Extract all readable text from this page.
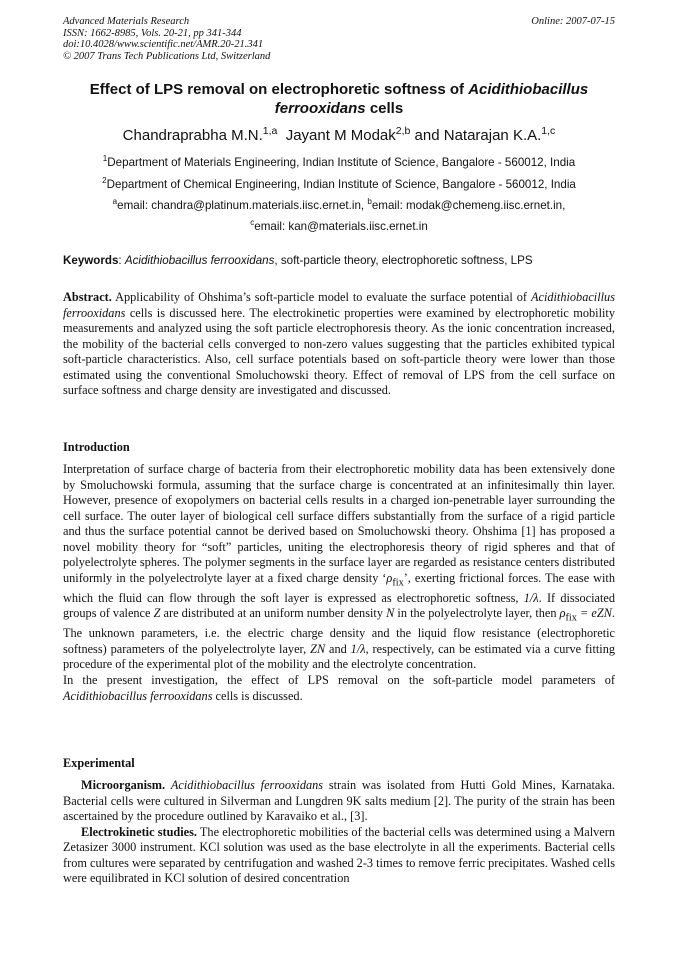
Advanced Materials Research
ISSN: 1662-8985, Vols. 20-21, pp 341-344
doi:10.4028/www.scientific.net/AMR.20-21.341
© 2007 Trans Tech Publications Ltd, Switzerland
Online: 2007-07-15
Effect of LPS removal on electrophoretic softness of Acidithiobacillus ferrooxidans cells
Chandraprabha M.N.$^{1,a}$ Jayant M Modak$^{2,b}$ and Natarajan K.A.$^{1,c}$
$^1$Department of Materials Engineering, Indian Institute of Science, Bangalore - 560012, India
$^2$Department of Chemical Engineering, Indian Institute of Science, Bangalore - 560012, India
$^a$email: chandra@platinum.materials.iisc.ernet.in, $^b$email: modak@chemeng.iisc.ernet.in,
$^c$email: kan@materials.iisc.ernet.in
Keywords: Acidithiobacillus ferrooxidans, soft-particle theory, electrophoretic softness, LPS
Abstract. Applicability of Ohshima’s soft-particle model to evaluate the surface potential of Acidithiobacillus ferrooxidans cells is discussed here. The electrokinetic properties were examined by electrophoretic mobility measurements and analyzed using the soft particle electrophoresis theory. As the ionic concentration increased, the mobility of the bacterial cells converged to non-zero values suggesting that the particles exhibited typical soft-particle characteristics. Also, cell surface potentials based on soft-particle theory were lower than those estimated using the conventional Smoluchowski theory. Effect of removal of LPS from the cell surface on surface softness and charge density are investigated and discussed.
Introduction
Interpretation of surface charge of bacteria from their electrophoretic mobility data has been extensively done by Smoluchowski formula, assuming that the surface charge is concentrated at an infinitesimally thin layer. However, presence of exopolymers on bacterial cells results in a charged ion-penetrable layer surrounding the cell surface. The outer layer of biological cell surface differs substantially from the surface of a rigid particle and thus the surface potential cannot be derived based on Smoluchowski theory. Ohshima [1] has proposed a novel mobility theory for “soft” particles, uniting the electrophoresis theory of rigid spheres and that of polyelectrolyte spheres. The polymer segments in the surface layer are regarded as resistance centers distributed uniformly in the polyelectrolyte layer at a fixed charge density ‘$\rho_{fix}$’, exerting frictional forces. The ease with which the fluid can flow through the soft layer is expressed as electrophoretic softness, 1/λ. If dissociated groups of valence Z are distributed at an uniform number density N in the polyelectrolyte layer, then $\rho_{fix}$ = eZN. The unknown parameters, i.e. the electric charge density and the liquid flow resistance (electrophoretic softness) parameters of the polyelectrolyte layer, ZN and 1/λ, respectively, can be estimated via a curve fitting procedure of the experimental plot of the mobility and the electrolyte concentration.
In the present investigation, the effect of LPS removal on the soft-particle model parameters of Acidithiobacillus ferrooxidans cells is discussed.
Experimental
Microorganism. Acidithiobacillus ferrooxidans strain was isolated from Hutti Gold Mines, Karnataka. Bacterial cells were cultured in Silverman and Lungdren 9K salts medium [2]. The purity of the strain has been ascertained by the procedure outlined by Karavaiko et al., [3].
Electrokinetic studies. The electrophoretic mobilities of the bacterial cells was determined using a Malvern Zetasizer 3000 instrument. KCl solution was used as the base electrolyte in all the experiments. Bacterial cells from cultures were separated by centrifugation and washed 2-3 times to remove ferric precipitates. Washed cells were equilibrated in KCl solution of desired concentration
